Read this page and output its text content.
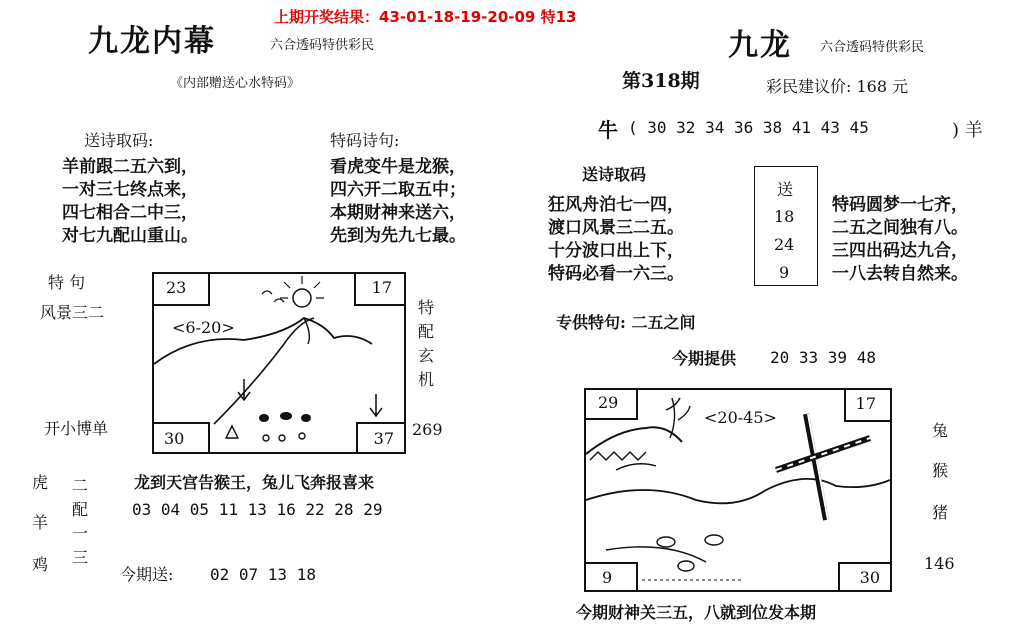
上期开奖结果：43-01-18-19-20-09 特13
九龙内幕	六合透码特供彩民
《内部赠送心水特码》
送诗取码:
羊前跟二五六到，
一对三七终点来，
四七相合二中三，
对七九配山重山。
特码诗句:
看虎变牛是龙猴，
四六开二取五中；
本期财神来送六，
先到为先九七最。
特 句
风景三二
开小博单
23	17
30	37
<6-20>
特配玄机
269
虎
羊
鸡
二配一三
龙到天宫告猴王，兔儿飞奔报喜来
03 04 05 11 13 16 22 28 29
今期送: 02 07 13 18
九龙 六合透码特供彩民
第318期	彩民建议价: 168 元
牛 ( 30 32 34 36 38 41 43 45	) 羊
送诗取码
狂风舟泊七一四，
渡口风景三二五。
十分波口出上下，
特码必看一六三。
送
18
24
9
特码圆梦一七齐，
二五之间独有八。
三四出码达九合，
一八去转自然来。
专供特句: 二五之间
今期提供 20 33 39 48
29	17
9	30
<20-45>
兔
猴
猪
146
今期财神关三五，八就到位发本期
